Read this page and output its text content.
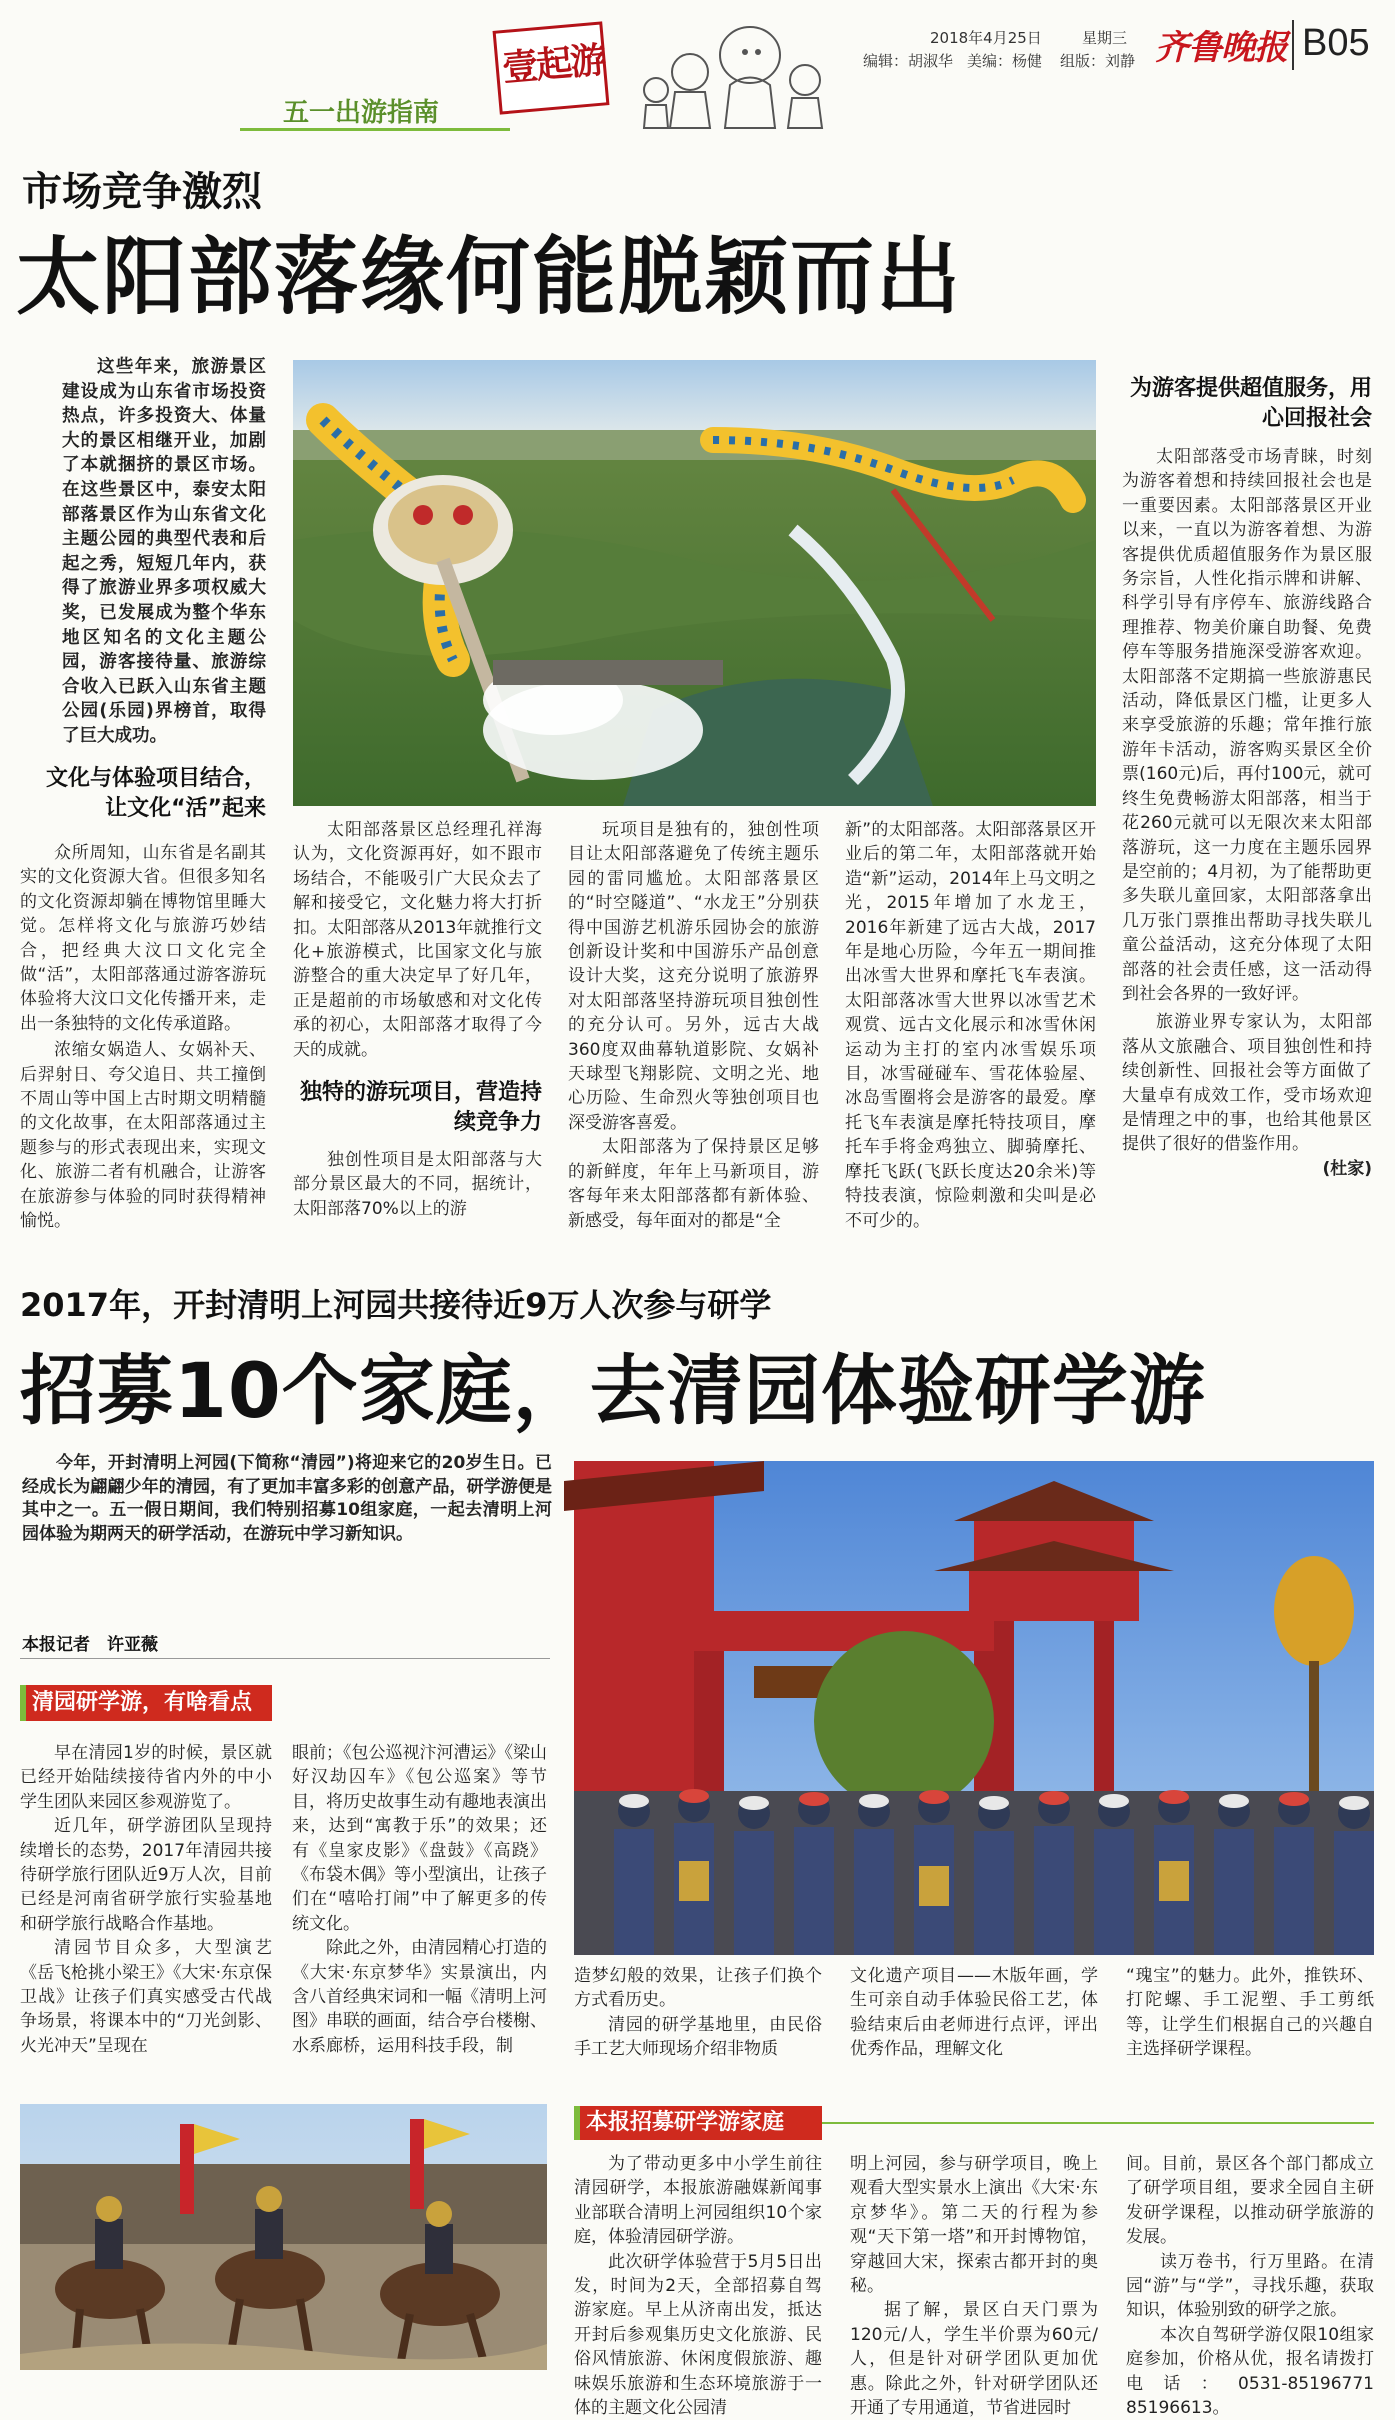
壹起游
五一出游指南
2018年4月25日	星期三
编辑：胡淑华 美编：杨健 组版：刘静 齐鲁晚报 B05
市场竞争激烈
太阳部落缘何能脱颖而出

这些年来，旅游景区建设成为山东省市场投资热点，许多投资大、体量大的景区相继开业，加剧了本就捆挤的景区市场。在这些景区中，泰安太阳部落景区作为山东省文化主题公园的典型代表和后起之秀，短短几年内，获得了旅游业界多项权威大奖，已发展成为整个华东地区知名的文化主题公园，游客接待量、旅游综合收入已跃入山东省主题公园(乐园)界榜首，取得了巨大成功。

文化与体验项目结合，让文化“活”起来

众所周知，山东省是名副其实的文化资源大省。但很多知名的文化资源却躺在博物馆里睡大觉。怎样将文化与旅游巧妙结合，把经典大汶口文化完全做“活”，太阳部落通过游客游玩体验将大汶口文化传播开来，走出一条独特的文化传承道路。

浓缩女娲造人、女娲补天、后羿射日、夸父追日、共工撞倒不周山等中国上古时期文明精髓的文化故事，在太阳部落通过主题参与的形式表现出来，实现文化、旅游二者有机融合，让游客在旅游参与体验的同时获得精神愉悦。

太阳部落景区总经理孔祥海认为，文化资源再好，如不跟市场结合，不能吸引广大民众去了解和接受它，文化魅力将大打折扣。太阳部落从2013年就推行文化+旅游模式，比国家文化与旅游整合的重大决定早了好几年，正是超前的市场敏感和对文化传承的初心，太阳部落才取得了今天的成就。

独特的游玩项目，营造持续竞争力

独创性项目是太阳部落与大部分景区最大的不同，据统计，太阳部落70%以上的游

玩项目是独有的，独创性项目让太阳部落避免了传统主题乐园的雷同尴尬。太阳部落景区的“时空隧道”、“水龙王”分别获得中国游艺机游乐园协会的旅游创新设计奖和中国游乐产品创意设计大奖，这充分说明了旅游界对太阳部落坚持游玩项目独创性的充分认可。另外，远古大战360度双曲幕轨道影院、女娲补天球型飞翔影院、文明之光、地心历险、生命烈火等独创项目也深受游客喜爱。

太阳部落为了保持景区足够的新鲜度，年年上马新项目，游客每年来太阳部落都有新体验、新感受，每年面对的都是“全

新”的太阳部落。太阳部落景区开业后的第二年，太阳部落就开始造“新”运动，2014年上马文明之光，2015年增加了水龙王，2016年新建了远古大战，2017年是地心历险，今年五一期间推出冰雪大世界和摩托飞车表演。太阳部落冰雪大世界以冰雪艺术观赏、远古文化展示和冰雪休闲运动为主打的室内冰雪娱乐项目，冰雪碰碰车、雪花体验屋、冰岛雪圈将会是游客的最爱。摩托飞车表演是摩托特技项目，摩托车手将金鸡独立、脚骑摩托、摩托飞跃(飞跃长度达20余米)等特技表演，惊险刺激和尖叫是必不可少的。

为游客提供超值服务，用心回报社会

太阳部落受市场青睐，时刻为游客着想和持续回报社会也是一重要因素。太阳部落景区开业以来，一直以为游客着想、为游客提供优质超值服务作为景区服务宗旨，人性化指示牌和讲解、科学引导有序停车、旅游线路合理推荐、物美价廉自助餐、免费停车等服务措施深受游客欢迎。太阳部落不定期搞一些旅游惠民活动，降低景区门槛，让更多人来享受旅游的乐趣；常年推行旅游年卡活动，游客购买景区全价票(160元)后，再付100元，就可终生免费畅游太阳部落，相当于花260元就可以无限次来太阳部落游玩，这一力度在主题乐园界是空前的；4月初，为了能帮助更多失联儿童回家，太阳部落拿出几万张门票推出帮助寻找失联儿童公益活动，这充分体现了太阳部落的社会责任感，这一活动得到社会各界的一致好评。

旅游业界专家认为，太阳部落从文旅融合、项目独创性和持续创新性、回报社会等方面做了大量卓有成效工作，受市场欢迎是情理之中的事，也给其他景区提供了很好的借鉴作用。

(杜家)
2017年，开封清明上河园共接待近9万人次参与研学
招募10个家庭，去清园体验研学游

今年，开封清明上河园(下简称“清园”)将迎来它的20岁生日。已经成长为翩翩少年的清园，有了更加丰富多彩的创意产品，研学游便是其中之一。五一假日期间，我们特别招募10组家庭，一起去清明上河园体验为期两天的研学活动，在游玩中学习新知识。

本报记者　许亚薇
清园研学游，有啥看点

早在清园1岁的时候，景区就已经开始陆续接待省内外的中小学生团队来园区参观游览了。

近几年，研学游团队呈现持续增长的态势，2017年清园共接待研学旅行团队近9万人次，目前已经是河南省研学旅行实验基地和研学旅行战略合作基地。

清园节目众多，大型演艺《岳飞枪挑小梁王》《大宋·东京保卫战》让孩子们真实感受古代战争场景，将课本中的“刀光剑影、火光冲天”呈现在

眼前；《包公巡视汴河漕运》《梁山好汉劫囚车》《包公巡案》等节目，将历史故事生动有趣地表演出来，达到“寓教于乐”的效果；还有《皇家皮影》《盘鼓》《高跷》《布袋木偶》等小型演出，让孩子们在“嘻哈打闹”中了解更多的传统文化。

除此之外，由清园精心打造的《大宋·东京梦华》实景演出，内含八首经典宋词和一幅《清明上河图》串联的画面，结合亭台楼榭、水系廊桥，运用科技手段，制

造梦幻般的效果，让孩子们换个方式看历史。

清园的研学基地里，由民俗手工艺大师现场介绍非物质

文化遗产项目——木版年画，学生可亲自动手体验民俗工艺，体验结束后由老师进行点评，评出优秀作品，理解文化

“瑰宝”的魅力。此外，推铁环、打陀螺、手工泥塑、手工剪纸等，让学生们根据自己的兴趣自主选择研学课程。

本报招募研学游家庭

为了带动更多中小学生前往清园研学，本报旅游融媒新闻事业部联合清明上河园组织10个家庭，体验清园研学游。

此次研学体验营于5月5日出发，时间为2天，全部招募自驾游家庭。早上从济南出发，抵达开封后参观集历史文化旅游、民俗风情旅游、休闲度假旅游、趣味娱乐旅游和生态环境旅游于一体的主题文化公园清

明上河园，参与研学项目，晚上观看大型实景水上演出《大宋·东京梦华》。第二天的行程为参观“天下第一塔”和开封博物馆，穿越回大宋，探索古都开封的奥秘。

据了解，景区白天门票为120元/人，学生半价票为60元/人，但是针对研学团队更加优惠。除此之外，针对研学团队还开通了专用通道，节省进园时

间。目前，景区各个部门都成立了研学项目组，要求全园自主研发研学课程，以推动研学旅游的发展。

读万卷书，行万里路。在清园“游”与“学”，寻找乐趣，获取知识，体验别致的研学之旅。

本次自驾研学游仅限10组家庭参加，价格从优，报名请拨打电话：0531-85196771　85196613。
